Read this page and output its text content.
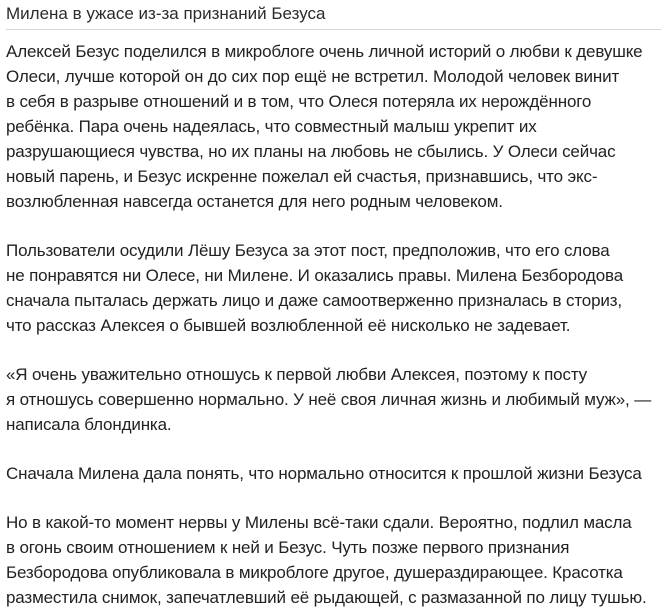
Милена в ужасе из-за признаний Безуса

Алексей Безус поделился в микроблоге очень личной историй о любви к девушке
Олеси, лучше которой он до сих пор ещё не встретил. Молодой человек винит
в себя в разрыве отношений и в том, что Олеся потеряла их нерождённого
ребёнка. Пара очень надеялась, что совместный малыш укрепит их
разрушающиеся чувства, но их планы на любовь не сбылись. У Олеси сейчас
новый парень, и Безус искренне пожелал ей счастья, признавшись, что экс-
возлюбленная навсегда останется для него родным человеком.

Пользователи осудили Лёшу Безуса за этот пост, предположив, что его слова
не понравятся ни Олесе, ни Милене. И оказались правы. Милена Безбородова
сначала пыталась держать лицо и даже самоотверженно призналась в сториз,
что рассказ Алексея о бывшей возлюбленной её нисколько не задевает.

«Я очень уважительно отношусь к первой любви Алексея, поэтому к посту
я отношусь совершенно нормально. У неё своя личная жизнь и любимый муж», —
написала блондинка.

Сначала Милена дала понять, что нормально относится к прошлой жизни Безуса

Но в какой-то момент нервы у Милены всё-таки сдали. Вероятно, подлил масла
в огонь своим отношением к ней и Безус. Чуть позже первого признания
Безбородова опубликовала в микроблоге другое, душераздирающее. Красотка
разместила снимок, запечатлевший её рыдающей, с размазанной по лицу тушью.
